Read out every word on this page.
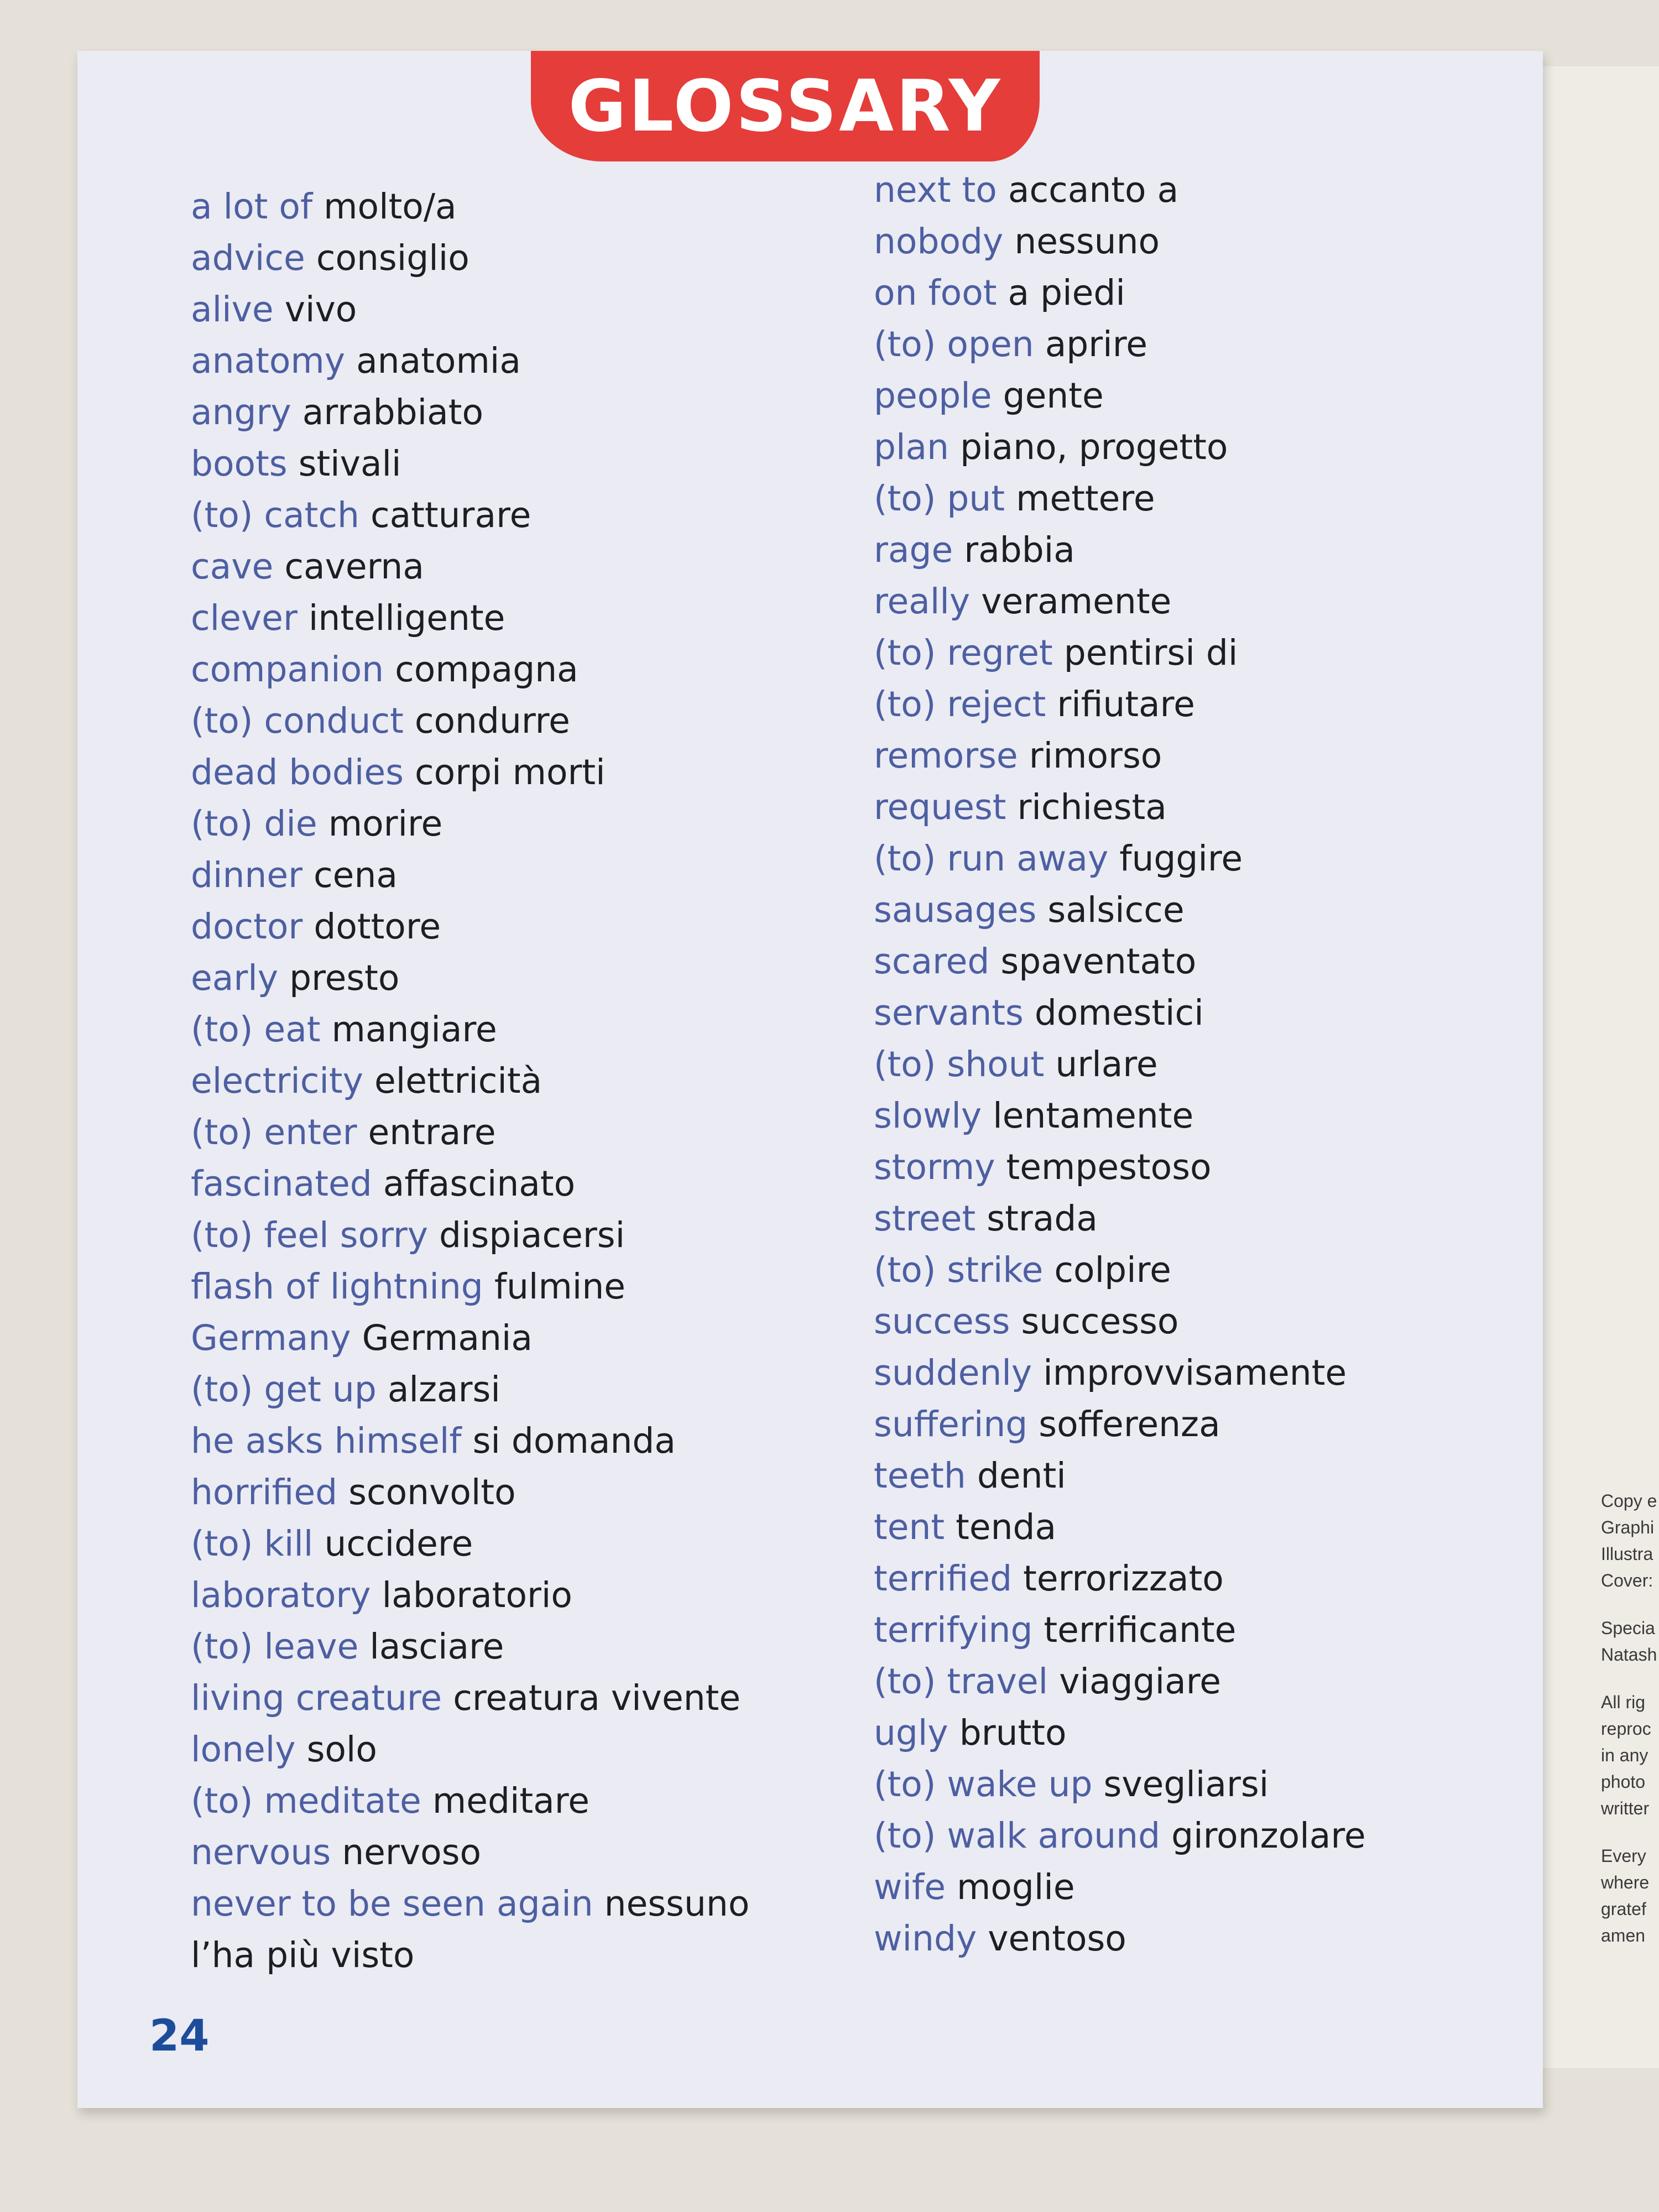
GLOSSARY
a lot of molto/a
advice consiglio
alive vivo
anatomy anatomia
angry arrabbiato
boots stivali
(to) catch catturare
cave caverna
clever intelligente
companion compagna
(to) conduct condurre
dead bodies corpi morti
(to) die morire
dinner cena
doctor dottore
early presto
(to) eat mangiare
electricity elettricità
(to) enter entrare
fascinated affascinato
(to) feel sorry dispiacersi
flash of lightning fulmine
Germany Germania
(to) get up alzarsi
he asks himself si domanda
horrified sconvolto
(to) kill uccidere
laboratory laboratorio
(to) leave lasciare
living creature creatura vivente
lonely solo
(to) meditate meditare
nervous nervoso
never to be seen again nessuno
l’ha più visto
next to accanto a
nobody nessuno
on foot a piedi
(to) open aprire
people gente
plan piano, progetto
(to) put mettere
rage rabbia
really veramente
(to) regret pentirsi di
(to) reject rifiutare
remorse rimorso
request richiesta
(to) run away fuggire
sausages salsicce
scared spaventato
servants domestici
(to) shout urlare
slowly lentamente
stormy tempestoso
street strada
(to) strike colpire
success successo
suddenly improvvisamente
suffering sofferenza
teeth denti
tent tenda
terrified terrorizzato
terrifying terrificante
(to) travel viaggiare
ugly brutto
(to) wake up svegliarsi
(to) walk around gironzolare
wife moglie
windy ventoso
24
Copy e
Graphi
Illustra
Cover:
Specia
Natash
All rig
reproc
in any
photo
writter
Every
where
gratef
amen
